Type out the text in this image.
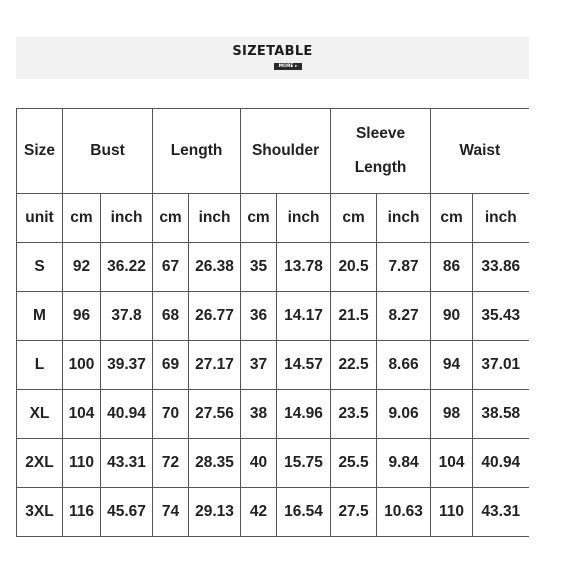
SIZETABLE
MORE ▸
Size	Bust		Length		Shoulder		Sleeve Length		Waist	
unit	cm	inch	cm	inch	cm	inch	cm	inch	cm	inch
S	92	36.22	67	26.38	35	13.78	20.5	7.87	86	33.86
M	96	37.8	68	26.77	36	14.17	21.5	8.27	90	35.43
L	100	39.37	69	27.17	37	14.57	22.5	8.66	94	37.01
XL	104	40.94	70	27.56	38	14.96	23.5	9.06	98	38.58
2XL	110	43.31	72	28.35	40	15.75	25.5	9.84	104	40.94
3XL	116	45.67	74	29.13	42	16.54	27.5	10.63	110	43.31
